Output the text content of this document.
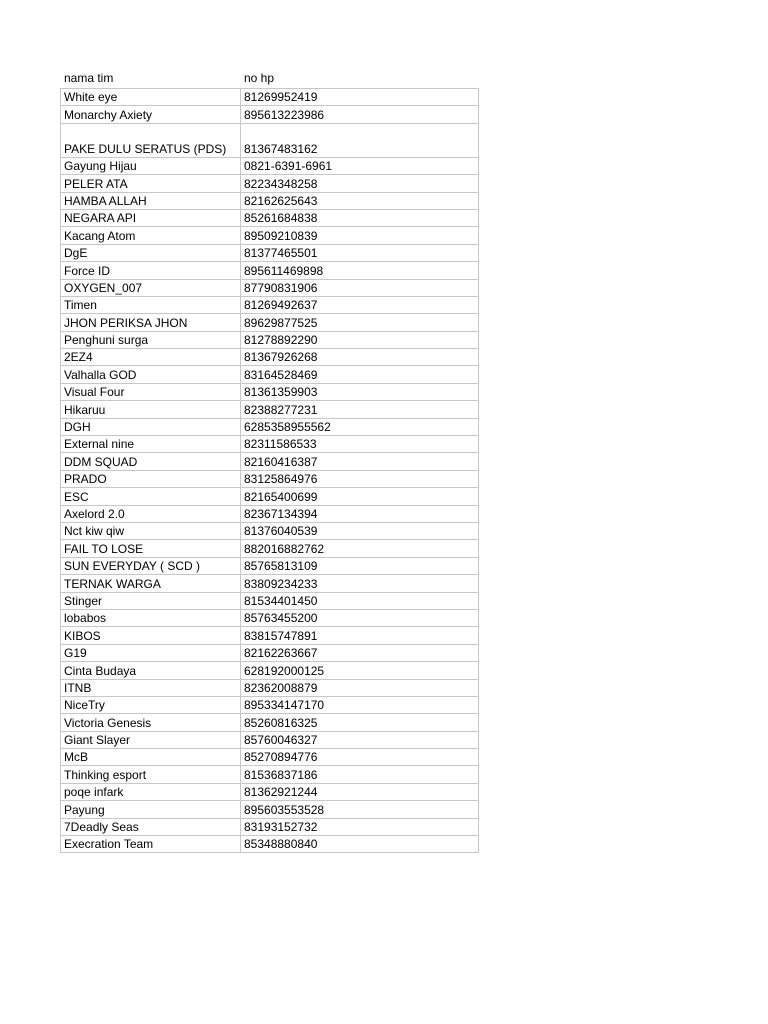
nama tim	no hp
White eye	81269952419
Monarchy Axiety	895613223986
PAKE DULU SERATUS (PDS)	81367483162
Gayung Hijau	0821-6391-6961
PELER ATA	82234348258
HAMBA ALLAH	82162625643
NEGARA API	85261684838
Kacang Atom	89509210839
DgE	81377465501
Force ID	895611469898
OXYGEN_007	87790831906
Timen	81269492637
JHON PERIKSA JHON	89629877525
Penghuni surga	81278892290
2EZ4	81367926268
Valhalla GOD	83164528469
Visual Four	81361359903
Hikaruu	82388277231
DGH	6285358955562
External nine	82311586533
DDM SQUAD	82160416387
PRADO	83125864976
ESC	82165400699
Axelord 2.0	82367134394
Nct kiw qiw	81376040539
FAIL TO LOSE	882016882762
SUN EVERYDAY ( SCD )	85765813109
TERNAK WARGA	83809234233
Stinger	81534401450
lobabos	85763455200
KIBOS	83815747891
G19	82162263667
Cinta Budaya	628192000125
ITNB	82362008879
NiceTry	895334147170
Victoria Genesis	85260816325
Giant Slayer	85760046327
McB	85270894776
Thinking esport	81536837186
poqe infark	81362921244
Payung	895603553528
7Deadly Seas	83193152732
Execration Team	85348880840
